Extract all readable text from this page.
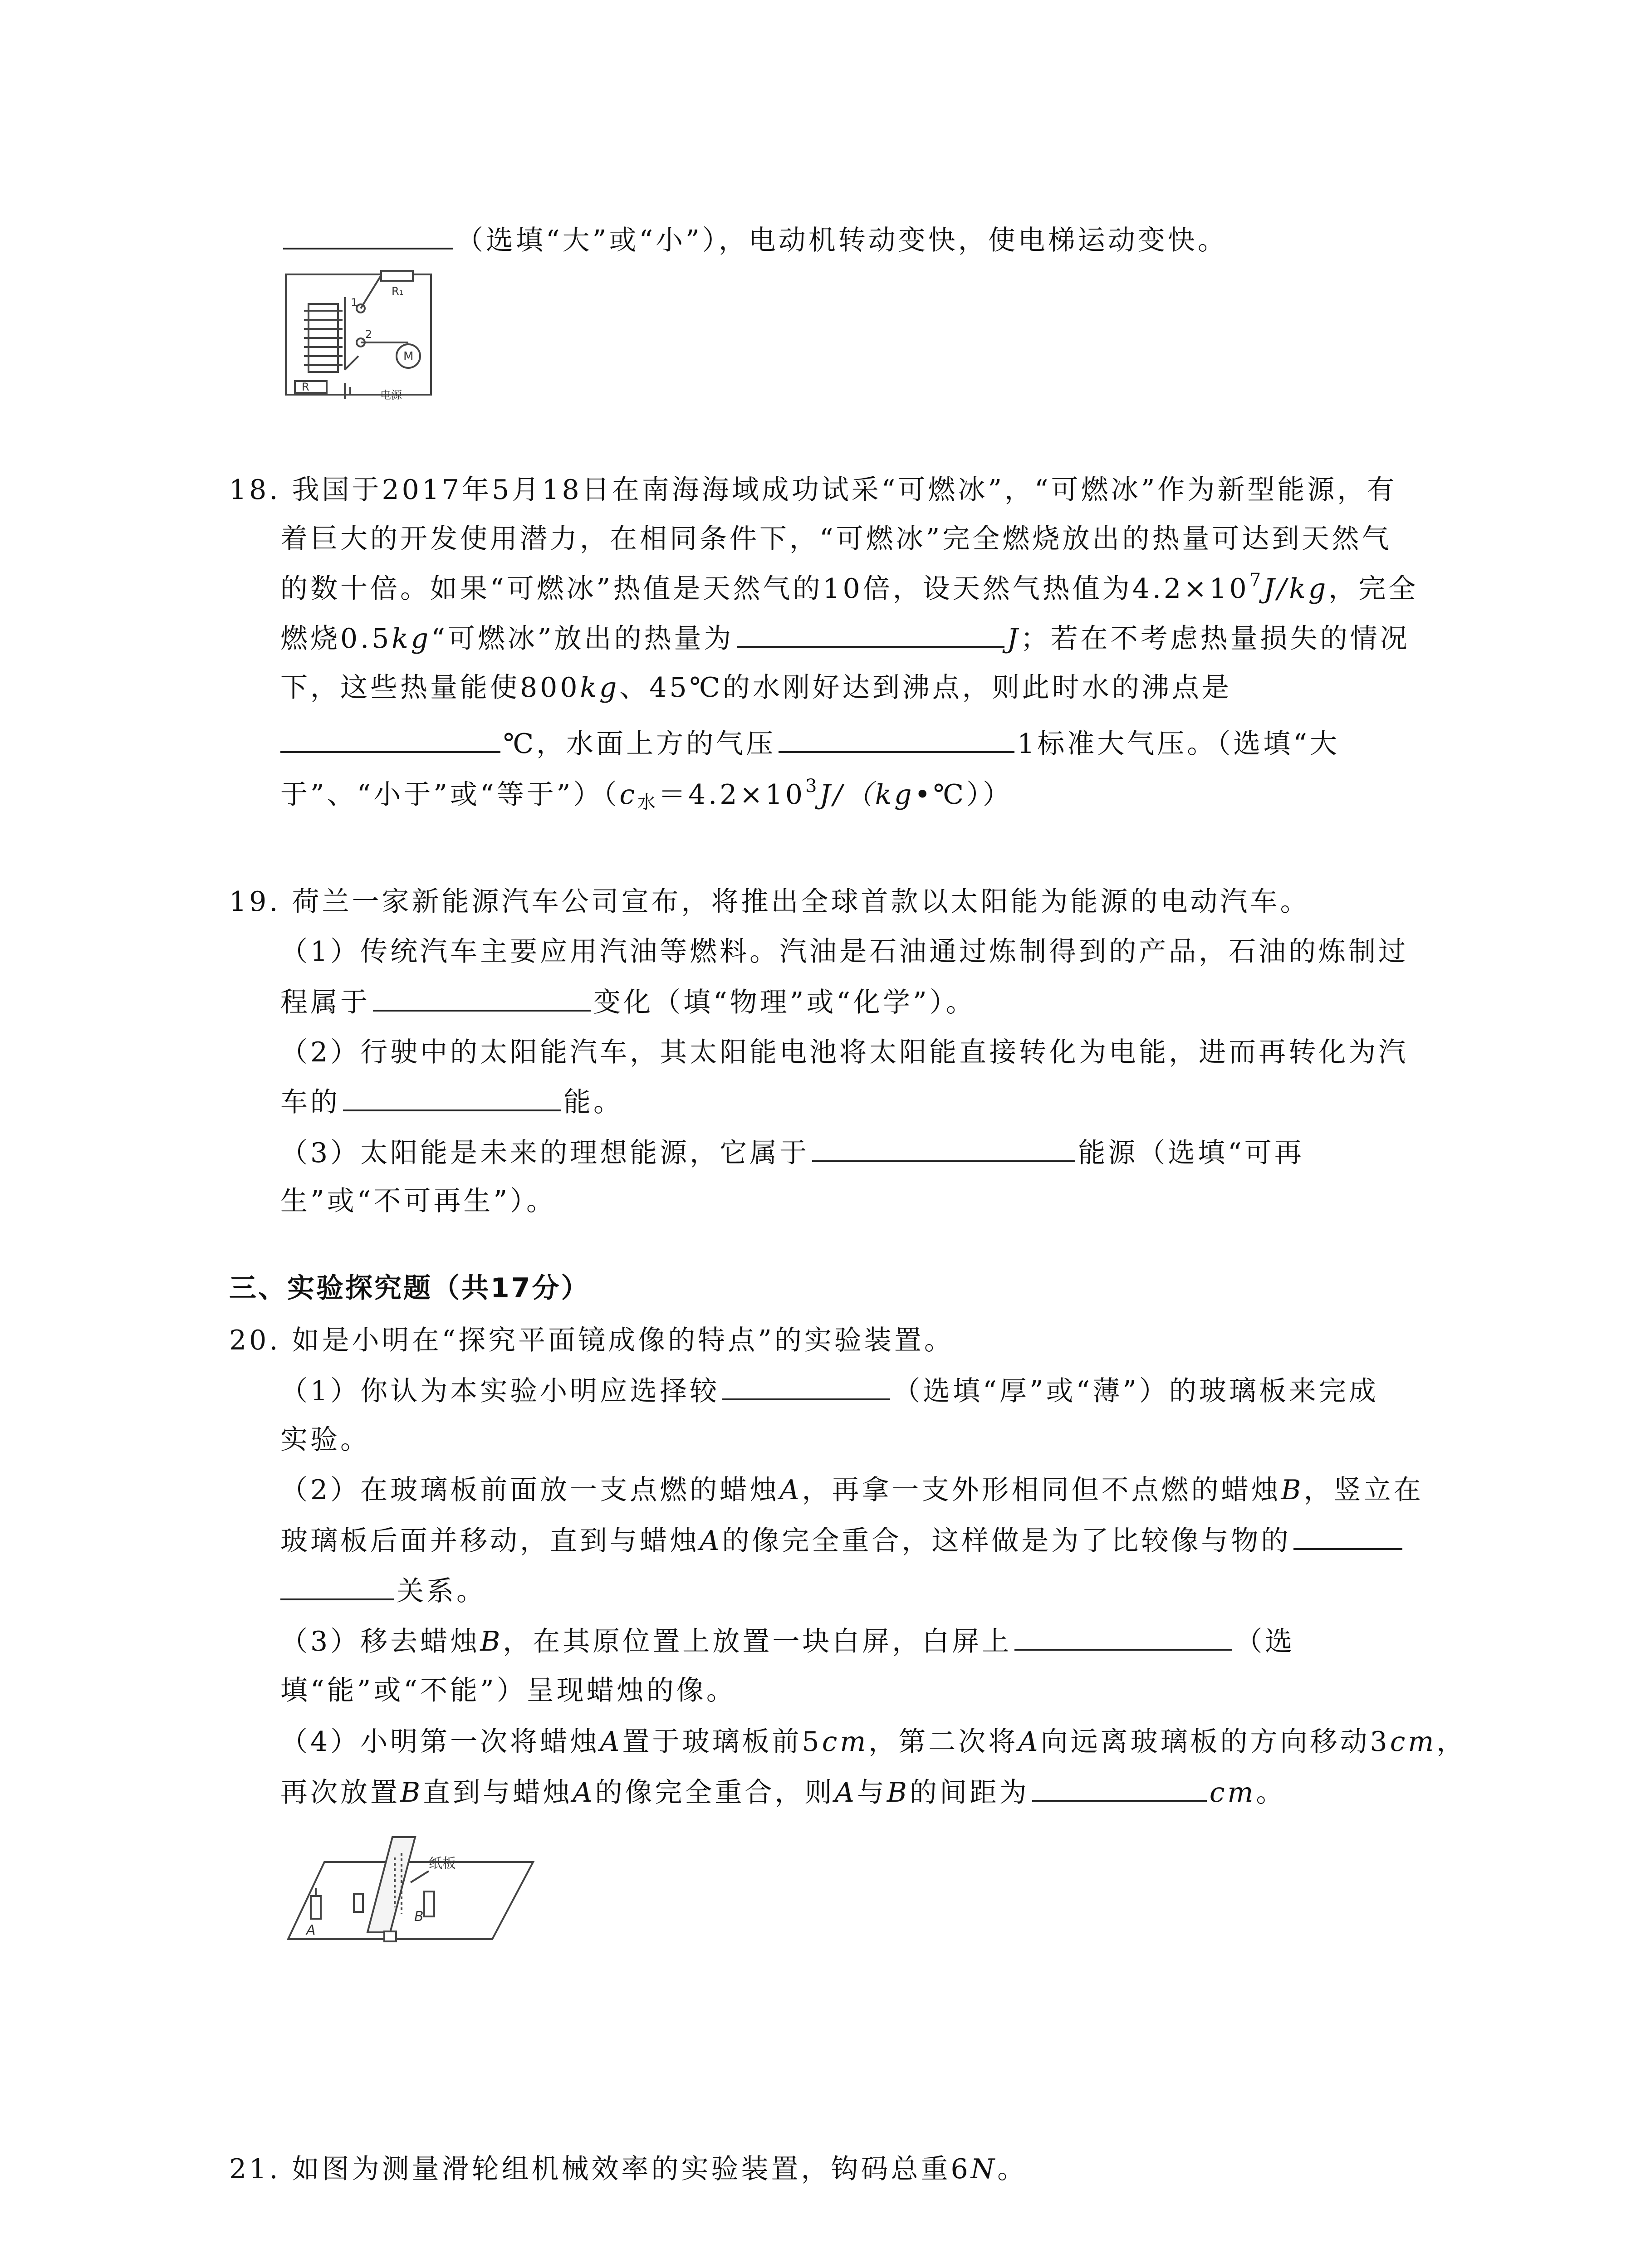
（选填“大”或“小”），电动机转动变快，使电梯运动变快。
R₁
1
2
R
M
电源
18. 我国于2017年5月18日在南海海域成功试采“可燃冰”，“可燃冰”作为新型能源，有
着巨大的开发使用潜力，在相同条件下，“可燃冰”完全燃烧放出的热量可达到天然气
的数十倍。如果“可燃冰”热值是天然气的10倍，设天然气热值为$4.2\times 10^7J/kg$，完全
燃烧0.5kg“可燃冰”放出的热量为	J；若在不考虑热量损失的情况
下，这些热量能使800kg、45℃的水刚好达到沸点，则此时水的沸点是
℃，水面上方的气压	1标准大气压。（选填“大
于”、“小于”或“等于$”)(c_水=4.2\times 10^3J/(kg•℃))$
19. 荷兰一家新能源汽车公司宣布，将推出全球首款以太阳能为能源的电动汽车。
（1）传统汽车主要应用汽油等燃料。汽油是石油通过炼制得到的产品，石油的炼制过
程属于	变化（填“物理”或“化学”）。
（2）行驶中的太阳能汽车，其太阳能电池将太阳能直接转化为电能，进而再转化为汽
车的	能。
（3）太阳能是未来的理想能源，它属于	能源（选填“可再
生”或“不可再生”）。
三、实验探究题（共17分）
20. 如是小明在“探究平面镜成像的特点”的实验装置。
（1）你认为本实验小明应选择较	（选填“厚”或“薄”）的玻璃板来完成
实验。
（2）在玻璃板前面放一支点燃的蜡烛A，再拿一支外形相同但不点燃的蜡烛B，竖立在
玻璃板后面并移动，直到与蜡烛A的像完全重合，这样做是为了比较像与物的
关系。
（3）移去蜡烛B，在其原位置上放置一块白屏，白屏上	（选
填“能”或“不能”）呈现蜡烛的像。
（4）小明第一次将蜡烛A置于玻璃板前5cm，第二次将A向远离玻璃板的方向移动3cm，
再次放置B直到与蜡烛A的像完全重合，则A与B的间距为	cm。
纸板
A
B
21. 如图为测量滑轮组机械效率的实验装置，钩码总重6N。
